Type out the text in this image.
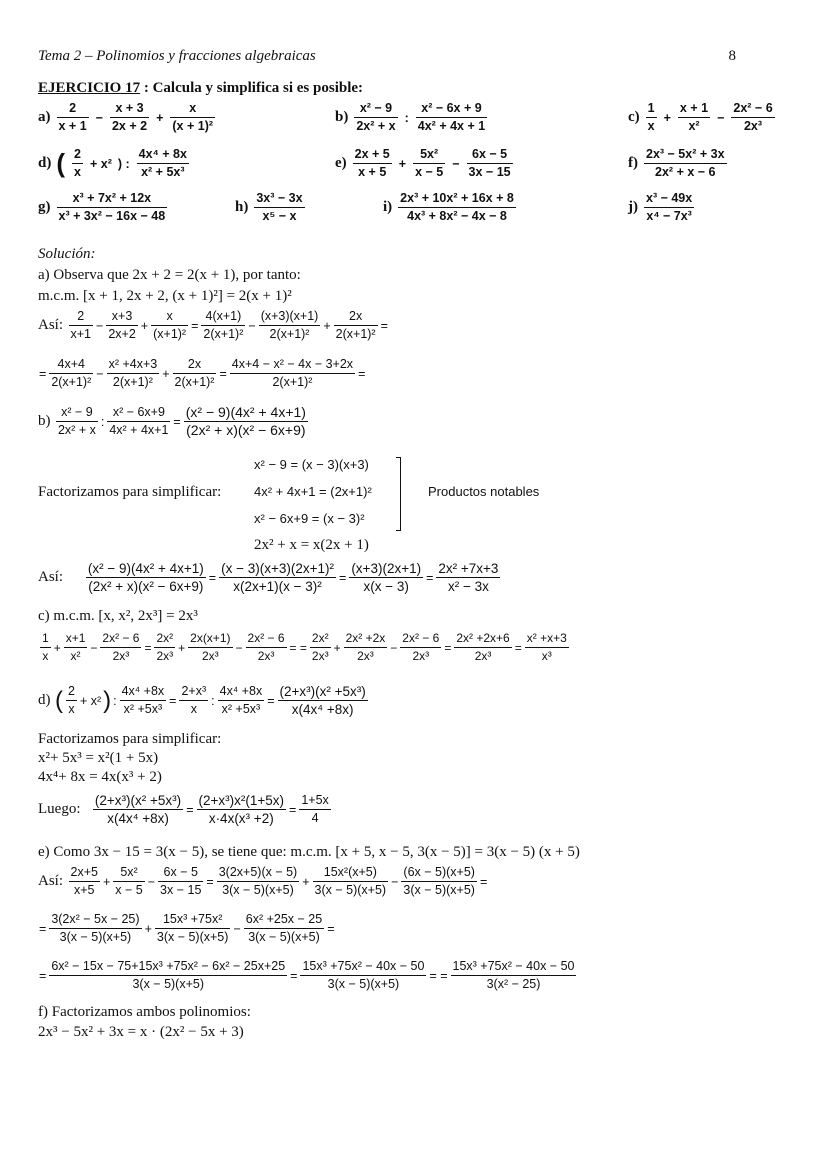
Tema 2 – Polinomios y fracciones algebraicas	8
EJERCICIO 17 : Calcula y simplifica si es posible:
$a) \frac{2}{x + 1} - \frac{x + 3}{2x + 2} + \frac{x}{\text{(x + 1)²}}$	$b) \frac{\text{x² − 9}}{\text{2x² + x}}$ : $\frac{\text{x² − 6x + 9}}{\text{4x² + 4x + 1}}$	$c) \frac{1}{x} + \frac{x + 1}{\text{x²}} - \frac{\text{2x² − 6}}{\text{2x³}}$
d) ( $\frac{2}{x} + x^2$ ) : $\frac{\text{4x⁴ + 8x}}{\text{x² + 5x³}}$	$e) \frac{2x + 5}{x + 5} + \frac{\text{5x²}}{x - 5} - \frac{6x - 5}{3x - 15}$	$f) \frac{\text{2x³ − 5x² + 3x}}{\text{2x² + x − 6}}$
$g) \frac{\text{x³ + 7x² + 12x}}{\text{x³ + 3x² − 16x − 48}}$	$h) \frac{\text{3x³ − 3x}}{\text{x⁵ − x}}$	$i) \frac{\text{2x³ + 10x² + 16x + 8}}{\text{4x³ + 8x² − 4x − 8}}$	$j) \frac{\text{x³ − 49x}}{\text{x⁴ − 7x³}}$
Solución:
a) Observa que 2x + 2 = 2(x + 1), por tanto:
m.c.m. [x + 1, 2x + 2, (x + 1)²] = 2(x + 1)²
Así: $\frac{2}{x+1} - \frac{x+3}{2x+2} + \frac{x}{\text{(x+1)²}} = \frac{4(x+1)}{\text{2(x+1)²}} - \frac{(x+3)(x+1)}{\text{2(x+1)²}} + \frac{2x}{\text{2(x+1)²}}$ =
= $\frac{4x+4}{\text{2(x+1)²}} - \frac{\text{x² +4x+3}}{\text{2(x+1)²}} + \frac{2x}{\text{2(x+1)²}} = \frac{\text{4x+4 − x² − 4x − 3+2x}}{\text{2(x+1)²}}$ =
$b) \frac{\text{x² − 9}}{\text{2x² + x}}$ : $\frac{\text{x² − 6x+9}}{\text{4x² + 4x+1}} = \frac{\text{(x² − 9)(4x² + 4x+1)}}{\text{(2x² + x)(x² − 6x+9)}}$
x² − 9 = (x − 3)(x+3)
Factorizamos para simplificar:	4x² + 4x+1 = (2x+1)²
x² − 6x+9 = (x − 3)²
Productos notables
2x² + x = x(2x + 1)
Así: $\frac{\text{(x² − 9)(4x² + 4x+1)}}{\text{(2x² + x)(x² − 6x+9)}} = \frac{\text{(x − 3)(x+3)(2x+1)²}}{\text{x(2x+1)(x − 3)²}} = \frac{(x+3)(2x+1)}{x(x - 3)} = \frac{\text{2x² +7x+3}}{\text{x² − 3x}}$
c) m.c.m. [x, x², 2x³] = 2x³
$\frac{1}{x} + \frac{x+1}{\text{x²}} - \frac{\text{2x² − 6}}{\text{2x³}} = \frac{\text{2x²}}{\text{2x³}} + \frac{2x(x+1)}{\text{2x³}} - \frac{\text{2x² − 6}}{\text{2x³}}$ = = $\frac{\text{2x²}}{\text{2x³}} + \frac{\text{2x² +2x}}{\text{2x³}} - \frac{\text{2x² − 6}}{\text{2x³}} = \frac{\text{2x² +2x+6}}{\text{2x³}} = \frac{\text{x² +x+3}}{\text{x³}}$
d) ( $\frac{2}{x} + x^2$) : $\frac{\text{4x⁴ +8x}}{\text{x² +5x³}} = \frac{\text{2+x³}}{x}$ : $\frac{\text{4x⁴ +8x}}{\text{x² +5x³}} = \frac{\text{(2+x³)(x² +5x³)}}{\text{x(4x⁴ +8x)}}$
Factorizamos para simplificar:
x²+ 5x³ = x²(1 + 5x)
4x⁴+ 8x = 4x(x³ + 2)
Luego: $\frac{\text{(2+x³)(x² +5x³)}}{\text{x(4x⁴ +8x)}} = \frac{\text{(2+x³)x²(1+5x)}}{\text{x·4x(x³ +2)}} = \frac{1+5x}{4}$
e) Como 3x − 15 = 3(x − 5), se tiene que: m.c.m. [x + 5, x − 5, 3(x − 5)] = 3(x − 5) (x + 5)
Así: $\frac{2x+5}{x+5} + \frac{\text{5x²}}{x - 5} - \frac{6x - 5}{3x - 15} = \frac{3(2x+5)(x - 5)}{3(x - 5)(x+5)} + \frac{\text{15x²(x+5)}}{3(x - 5)(x+5)} - \frac{(6x - 5)(x+5)}{3(x - 5)(x+5)}$ =
= $\frac{\text{3(2x² − 5x − 25)}}{3(x - 5)(x+5)} + \frac{\text{15x³ +75x²}}{3(x - 5)(x+5)} - \frac{\text{6x² +25x − 25}}{3(x - 5)(x+5)}$ =
= $\frac{\text{6x² − 15x − 75+15x³ +75x² − 6x² − 25x+25}}{3(x - 5)(x+5)} = \frac{\text{15x³ +75x² − 40x − 50}}{3(x - 5)(x+5)}$ = = $\frac{\text{15x³ +75x² − 40x − 50}}{\text{3(x² − 25)}}$
f) Factorizamos ambos polinomios:
2x³ − 5x² + 3x = x · (2x² − 5x + 3)
